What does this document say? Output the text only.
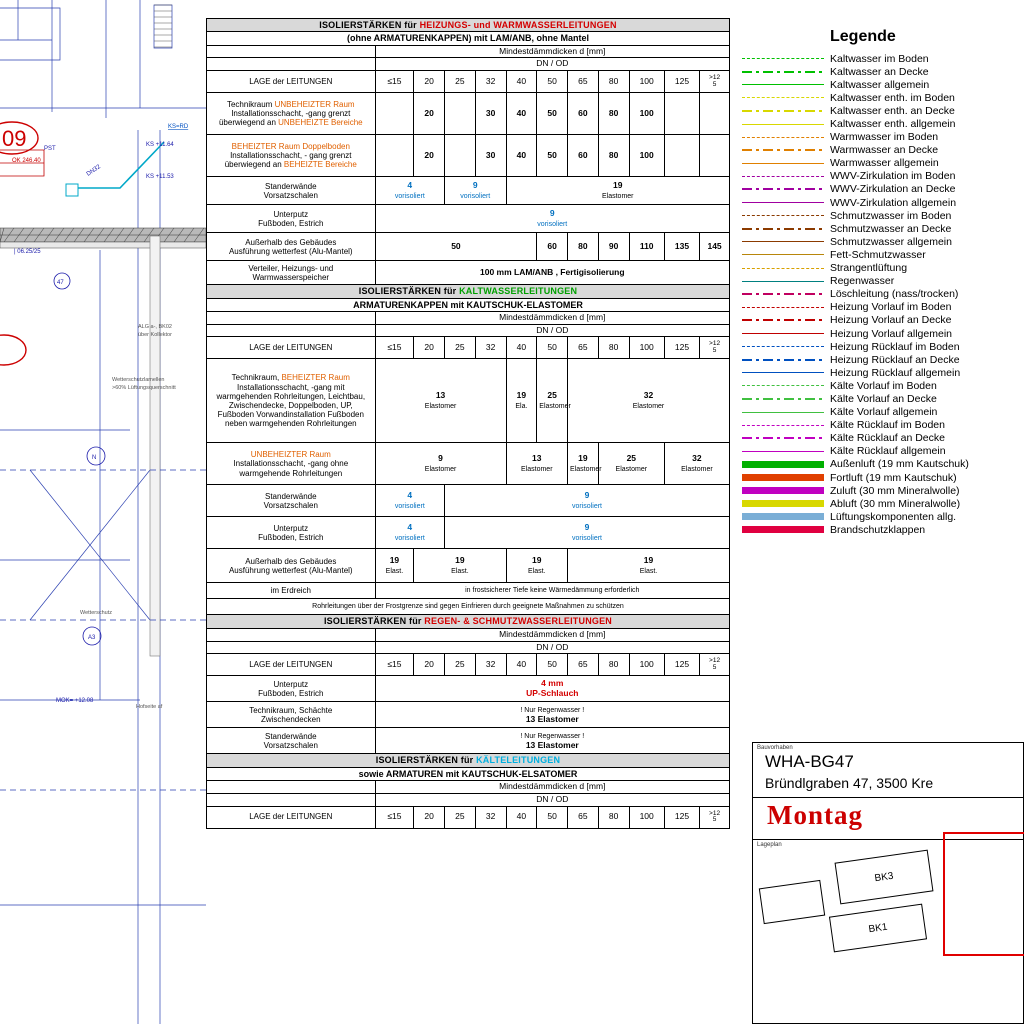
09	KS=RD
KS +11.64
KS +11.53
PST
OK 246.40
DN32
| 06.25/25
47
ALG a-, BK02
über Kollektor
Wetterschutzlamellen
>60% Lüftungsquerschnitt
N
Wetterschutz
A3
MOK= +12.08
Hofseite af
ISOLIERSTÄRKEN für HEIZUNGS- und WARMWASSERLEITUNGEN											
(ohne ARMATURENKAPPEN) mit LAM/ANB, ohne Mantel											
	Mindestdämmdicken d [mm]										
	DN / OD										
LAGE der LEITUNGEN	≤15	20	25	32	40	50	65	80	100	125	>12
5
Technikraum UNBEHEIZTER Raum
Installationsschacht, -gang grenzt
überwiegend an UNBEHEIZTE Bereiche		20		30	40	50	60	80	100		
BEHEIZTER Raum Doppelboden
Installationsschacht, - gang grenzt
überwiegend an BEHEIZTE Bereiche		20		30	40	50	60	80	100		
Standerwände
Vorsatzschalen	4
vorisoliert		9
vorisoliert		19
Elastomer						
Unterputz
Fußboden, Estrich	9
vorisoliert										
Außerhalb des Gebäudes
Ausführung wetterfest (Alu-Mantel)	50					60	80	90	110	135	145
Verteiler, Heizungs- und
Warmwasserspeicher	100 mm LAM/ANB , Fertigisolierung										
ISOLIERSTÄRKEN für KALTWASSERLEITUNGEN											
ARMATURENKAPPEN mit KAUTSCHUK-ELASTOMER											
	Mindestdämmdicken d [mm]										
	DN / OD										
LAGE der LEITUNGEN	≤15	20	25	32	40	50	65	80	100	125	>12
5
Technikraum, BEHEIZTER Raum
Installationsschacht, -gang mit
warmgehenden Rohrleitungen, Leichtbau,
Zwischendecke, Doppelboden, UP,
Fußboden Vorwandinstallation Fußboden
neben warmgehenden Rohrleitungen	13
Elastomer	19
Ela.	25
Elastomer	32
Elastomer
UNBEHEIZTER Raum
Installationsschacht, -gang ohne
warmgehende Rohrleitungen	9
Elastomer				13
Elastomer		19
Elastomer	25
Elastomer		32
Elastomer	
Standerwände
Vorsatzschalen	4
vorisoliert		9
vorisoliert								
Unterputz
Fußboden, Estrich	4
vorisoliert		9
vorisoliert								
Außerhalb des Gebäudes
Ausführung wetterfest (Alu-Mantel)	19
Elast.	19
Elast.			19
Elast.		19
Elast.				
im Erdreich	in frostsicherer Tiefe keine Wärmedämmung erforderlich										
Rohrleitungen über der Frostgrenze sind gegen Einfrieren durch geeignete Maßnahmen zu schützen											
ISOLIERSTÄRKEN für REGEN- & SCHMUTZWASSERLEITUNGEN											
	Mindestdämmdicken d [mm]										
	DN / OD										
LAGE der LEITUNGEN	≤15	20	25	32	40	50	65	80	100	125	>12
5
Unterputz
Fußboden, Estrich	4 mm
UP-Schlauch										
Technikraum, Schächte
Zwischendecken	! Nur Regenwasser !
13 Elastomer										
Standerwände
Vorsatzschalen	! Nur Regenwasser !
13 Elastomer										
ISOLIERSTÄRKEN für KÄLTELEITUNGEN											
sowie ARMATUREN mit KAUTSCHUK-ELSATOMER											
	Mindestdämmdicken d [mm]										
	DN / OD										
LAGE der LEITUNGEN	≤15	20	25	32	40	50	65	80	100	125	>12
5
Legende
Kaltwasser im Boden
Kaltwasser an Decke
Kaltwasser allgemein
Kaltwasser enth. im Boden
Kaltwasser enth. an Decke
Kaltwasser enth. allgemein
Warmwasser im Boden
Warmwasser an Decke
Warmwasser allgemein
WWV-Zirkulation im Boden
WWV-Zirkulation an Decke
WWV-Zirkulation allgemein
Schmutzwasser im Boden
Schmutzwasser an Decke
Schmutzwasser allgemein
Fett-Schmutzwasser
Strangentlüftung
Regenwasser
Löschleitung (nass/trocken)
Heizung Vorlauf im Boden
Heizung Vorlauf an Decke
Heizung Vorlauf allgemein
Heizung Rücklauf im Boden
Heizung Rücklauf an Decke
Heizung Rücklauf allgemein
Kälte Vorlauf im Boden
Kälte Vorlauf an Decke
Kälte Vorlauf allgemein
Kälte Rücklauf im Boden
Kälte Rücklauf an Decke
Kälte Rücklauf allgemein
Außenluft (19 mm Kautschuk)
Fortluft (19 mm Kautschuk)
Zuluft (30 mm Mineralwolle)
Abluft (30 mm Mineralwolle)
Lüftungskomponenten allg.
Brandschutzklappen
Bauvorhaben
WHA-BG47
Bründlgraben 47, 3500 Kre
Montag
Lageplan
BK3
BK1
